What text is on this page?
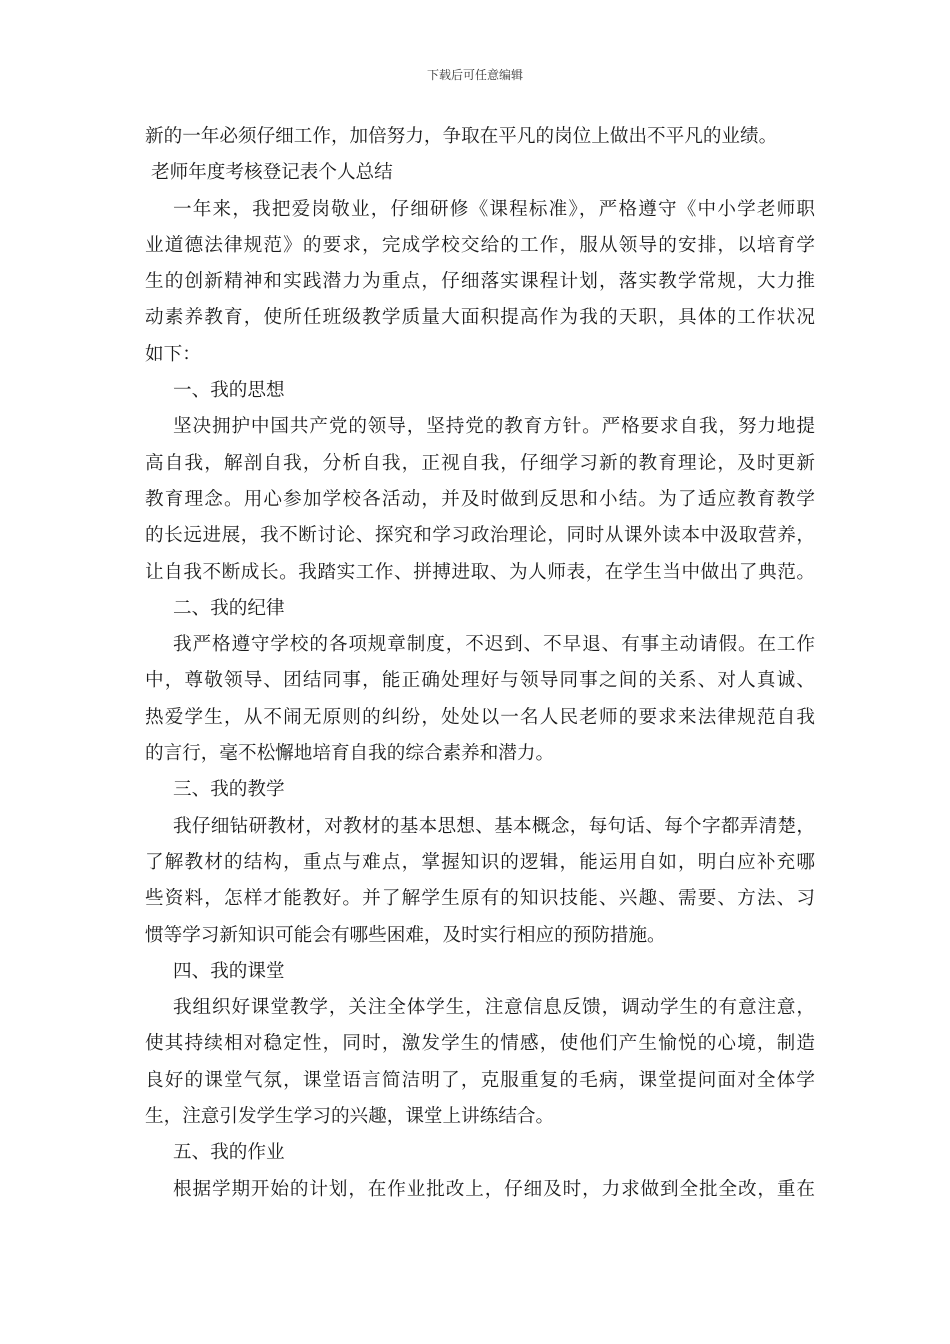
下载后可任意编辑
新的一年必须仔细工作，加倍努力，争取在平凡的岗位上做出不平凡的业绩。
老师年度考核登记表个人总结
一年来，我把爱岗敬业，仔细研修《课程标准》，严格遵守《中小学老师职
业道德法律规范》的要求，完成学校交给的工作，服从领导的安排，以培育学
生的创新精神和实践潜力为重点，仔细落实课程计划，落实教学常规，大力推
动素养教育，使所任班级教学质量大面积提高作为我的天职，具体的工作状况
如下：
一、我的思想
坚决拥护中国共产党的领导，坚持党的教育方针。严格要求自我，努力地提
高自我，解剖自我，分析自我，正视自我，仔细学习新的教育理论，及时更新
教育理念。用心参加学校各活动，并及时做到反思和小结。为了适应教育教学
的长远进展，我不断讨论、探究和学习政治理论，同时从课外读本中汲取营养，
让自我不断成长。我踏实工作、拼搏进取、为人师表，在学生当中做出了典范。
二、我的纪律
我严格遵守学校的各项规章制度，不迟到、不早退、有事主动请假。在工作
中，尊敬领导、团结同事，能正确处理好与领导同事之间的关系、对人真诚、
热爱学生，从不闹无原则的纠纷，处处以一名人民老师的要求来法律规范自我
的言行，毫不松懈地培育自我的综合素养和潜力。
三、我的教学
我仔细钻研教材，对教材的基本思想、基本概念，每句话、每个字都弄清楚，
了解教材的结构，重点与难点，掌握知识的逻辑，能运用自如，明白应补充哪
些资料，怎样才能教好。并了解学生原有的知识技能、兴趣、需要、方法、习
惯等学习新知识可能会有哪些困难，及时实行相应的预防措施。
四、我的课堂
我组织好课堂教学，关注全体学生，注意信息反馈，调动学生的有意注意，
使其持续相对稳定性，同时，激发学生的情感，使他们产生愉悦的心境，制造
良好的课堂气氛，课堂语言简洁明了，克服重复的毛病，课堂提问面对全体学
生，注意引发学生学习的兴趣，课堂上讲练结合。
五、我的作业
根据学期开始的计划，在作业批改上，仔细及时，力求做到全批全改，重在
